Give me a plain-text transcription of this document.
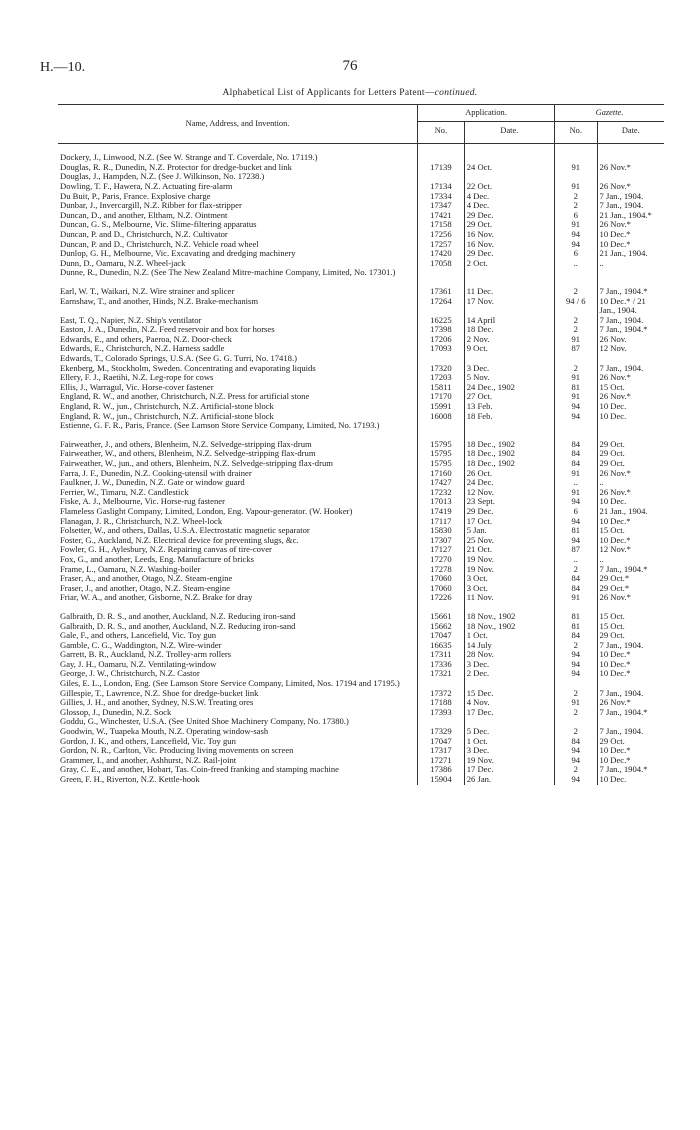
H.—10.	76
Alphabetical List of Applicants for Letters Patent—continued.
Name, Address, and Invention.	Application.		Gazette.	
	No.	Date.	No.	Date.

Dockery, J., Linwood, N.Z. (See W. Strange and T. Coverdale, No. 17119.)				
Douglas, R. R., Dunedin, N.Z. Protector for dredge-bucket and link	17139	24 Oct.	91	26 Nov.*
Douglas, J., Hampden, N.Z. (See J. Wilkinson, No. 17238.)				
Dowling, T. F., Hawera, N.Z. Actuating fire-alarm	17134	22 Oct.	91	26 Nov.*
Du Buit, P., Paris, France. Explosive charge	17334	4 Dec.	2	7 Jan., 1904.
Dunbar, J., Invercargill, N.Z. Ribber for flax-stripper	17347	4 Dec.	2	7 Jan., 1904.
Duncan, D., and another, Eltham, N.Z. Ointment	17421	29 Dec.	6	21 Jan., 1904.*
Duncan, G. S., Melbourne, Vic. Slime-filtering apparatus	17158	29 Oct.	91	26 Nov.*
Duncan, P. and D., Christchurch, N.Z. Cultivator	17256	16 Nov.	94	10 Dec.*
Duncan, P. and D., Christchurch, N.Z. Vehicle road wheel	17257	16 Nov.	94	10 Dec.*
Dunlop, G. H., Melbourne, Vic. Excavating and dredging machinery	17420	29 Dec.	6	21 Jan., 1904.
Dunn, D., Oamaru, N.Z. Wheel-jack	17058	2 Oct.	..	..
Dunne, R., Dunedin, N.Z. (See The New Zealand Mitre-machine Company, Limited, No. 17301.)				

Earl, W. T., Waikari, N.Z. Wire strainer and splicer	17361	11 Dec.	2	7 Jan., 1904.*
Earnshaw, T., and another, Hinds, N.Z. Brake-mechanism	17264	17 Nov.	94 / 6	10 Dec.* / 21 Jan., 1904.
East, T. Q., Napier, N.Z. Ship's ventilator	16225	14 April	2	7 Jan., 1904.
Easton, J. A., Dunedin, N.Z. Feed reservoir and box for horses	17398	18 Dec.	2	7 Jan., 1904.*
Edwards, E., and others, Paeroa, N.Z. Door-check	17206	2 Nov.	91	26 Nov.
Edwards, E., Christchurch, N.Z. Harness saddle	17093	9 Oct.	87	12 Nov.
Edwards, T., Colorado Springs, U.S.A. (See G. G. Turri, No. 17418.)				
Ekenberg, M., Stockholm, Sweden. Concentrating and evaporating liquids	17320	3 Dec.	2	7 Jan., 1904.
Ellery, F. J., Raetihi, N.Z. Leg-rope for cows	17203	5 Nov.	91	26 Nov.*
Ellis, J., Warragul, Vic. Horse-cover fastener	15811	24 Dec., 1902	81	15 Oct.
England, R. W., and another, Christchurch, N.Z. Press for artificial stone	17170	27 Oct.	91	26 Nov.*
England, R. W., jun., Christchurch, N.Z. Artificial-stone block	15991	13 Feb.	94	10 Dec.
England, R. W., jun., Christchurch, N.Z. Artificial-stone block	16008	18 Feb.	94	10 Dec.
Estienne, G. F. R., Paris, France. (See Lamson Store Service Company, Limited, No. 17193.)				

Fairweather, J., and others, Blenheim, N.Z. Selvedge-stripping flax-drum	15795	18 Dec., 1902	84	29 Oct.
Fairweather, W., and others, Blenheim, N.Z. Selvedge-stripping flax-drum	15795	18 Dec., 1902	84	29 Oct.
Fairweather, W., jun., and others, Blenheim, N.Z. Selvedge-stripping flax-drum	15795	18 Dec., 1902	84	29 Oct.
Farra, J. F., Dunedin, N.Z. Cooking-utensil with drainer	17160	26 Oct.	91	26 Nov.*
Faulkner, J. W., Dunedin, N.Z. Gate or window guard	17427	24 Dec.	..	..
Ferrier, W., Timaru, N.Z. Candlestick	17232	12 Nov.	91	26 Nov.*
Fiske, A. J., Melbourne, Vic. Horse-rug fastener	17013	23 Sept.	94	10 Dec.
Flameless Gaslight Company, Limited, London, Eng. Vapour-generator. (W. Hooker)	17419	29 Dec.	6	21 Jan., 1904.
Flanagan, J. R., Christchurch, N.Z. Wheel-lock	17117	17 Oct.	94	10 Dec.*
Folsetter, W., and others, Dallas, U.S.A. Electrostatic magnetic separator	15830	5 Jan.	81	15 Oct.
Foster, G., Auckland, N.Z. Electrical device for preventing slugs, &c.	17307	25 Nov.	94	10 Dec.*
Fowler, G. H., Aylesbury, N.Z. Repairing canvas of tire-cover	17127	21 Oct.	87	12 Nov.*
Fox, G., and another, Leeds, Eng. Manufacture of bricks	17270	19 Nov.	..	..
Frame, L., Oamaru, N.Z. Washing-boiler	17278	19 Nov.	2	7 Jan., 1904.*
Fraser, A., and another, Otago, N.Z. Steam-engine	17060	3 Oct.	84	29 Oct.*
Fraser, J., and another, Otago, N.Z. Steam-engine	17060	3 Oct.	84	29 Oct.*
Friar, W. A., and another, Gisborne, N.Z. Brake for dray	17226	11 Nov.	91	26 Nov.*

Galbraith, D. R. S., and another, Auckland, N.Z. Reducing iron-sand	15661	18 Nov., 1902	81	15 Oct.
Galbraith, D. R. S., and another, Auckland, N.Z. Reducing iron-sand	15662	18 Nov., 1902	81	15 Oct.
Gale, F., and others, Lancefield, Vic. Toy gun	17047	1 Oct.	84	29 Oct.
Gamble, C. G., Waddington, N.Z. Wire-winder	16635	14 July	2	7 Jan., 1904.
Garrett, B. R., Auckland, N.Z. Trolley-arm rollers	17311	28 Nov.	94	10 Dec.*
Gay, J. H., Oamaru, N.Z. Ventilating-window	17336	3 Dec.	94	10 Dec.*
George, J. W., Christchurch, N.Z. Castor	17321	2 Dec.	94	10 Dec.*
Giles, E. L., London, Eng. (See Lamson Store Service Company, Limited, Nos. 17194 and 17195.)				
Gillespie, T., Lawrence, N.Z. Shoe for dredge-bucket link	17372	15 Dec.	2	7 Jan., 1904.
Gillies, J. H., and another, Sydney, N.S.W. Treating ores	17188	4 Nov.	91	26 Nov.*
Glossop, J., Dunedin, N.Z. Sock	17393	17 Dec.	2	7 Jan., 1904.*
Goddu, G., Winchester, U.S.A. (See United Shoe Machinery Company, No. 17380.)				
Goodwin, W., Tuapeka Mouth, N.Z. Operating window-sash	17329	5 Dec.	2	7 Jan., 1904.
Gordon, J. K., and others, Lancefield, Vic. Toy gun	17047	1 Oct.	84	29 Oct.
Gordon, N. R., Carlton, Vic. Producing living movements on screen	17317	3 Dec.	94	10 Dec.*
Grammer, I., and another, Ashhurst, N.Z. Rail-joint	17271	19 Nov.	94	10 Dec.*
Gray, C. E., and another, Hobart, Tas. Coin-freed franking and stamping machine	17386	17 Dec.	2	7 Jan., 1904.*
Green, F. H., Riverton, N.Z. Kettle-hook	15904	26 Jan.	94	10 Dec.
